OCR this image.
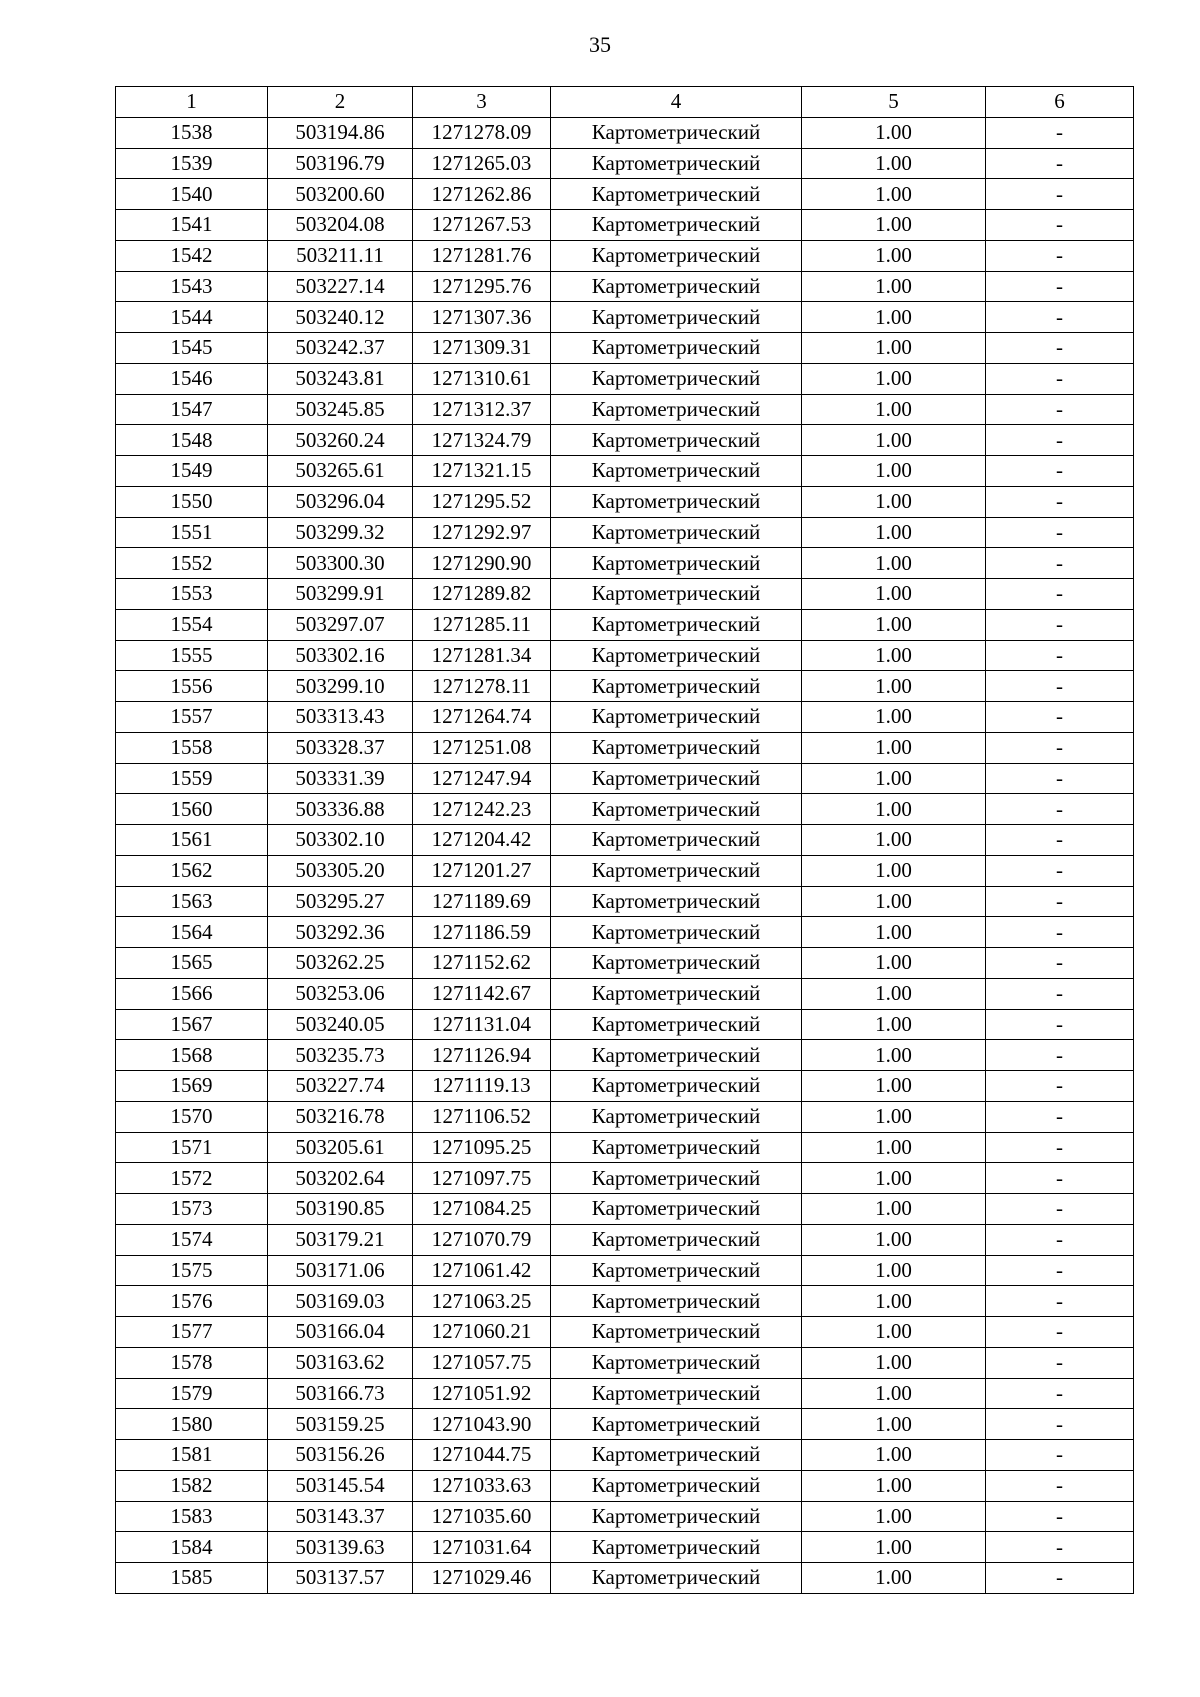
35
1	2	3	4	5	6
1538	503194.86	1271278.09	Картометрический	1.00	-
1539	503196.79	1271265.03	Картометрический	1.00	-
1540	503200.60	1271262.86	Картометрический	1.00	-
1541	503204.08	1271267.53	Картометрический	1.00	-
1542	503211.11	1271281.76	Картометрический	1.00	-
1543	503227.14	1271295.76	Картометрический	1.00	-
1544	503240.12	1271307.36	Картометрический	1.00	-
1545	503242.37	1271309.31	Картометрический	1.00	-
1546	503243.81	1271310.61	Картометрический	1.00	-
1547	503245.85	1271312.37	Картометрический	1.00	-
1548	503260.24	1271324.79	Картометрический	1.00	-
1549	503265.61	1271321.15	Картометрический	1.00	-
1550	503296.04	1271295.52	Картометрический	1.00	-
1551	503299.32	1271292.97	Картометрический	1.00	-
1552	503300.30	1271290.90	Картометрический	1.00	-
1553	503299.91	1271289.82	Картометрический	1.00	-
1554	503297.07	1271285.11	Картометрический	1.00	-
1555	503302.16	1271281.34	Картометрический	1.00	-
1556	503299.10	1271278.11	Картометрический	1.00	-
1557	503313.43	1271264.74	Картометрический	1.00	-
1558	503328.37	1271251.08	Картометрический	1.00	-
1559	503331.39	1271247.94	Картометрический	1.00	-
1560	503336.88	1271242.23	Картометрический	1.00	-
1561	503302.10	1271204.42	Картометрический	1.00	-
1562	503305.20	1271201.27	Картометрический	1.00	-
1563	503295.27	1271189.69	Картометрический	1.00	-
1564	503292.36	1271186.59	Картометрический	1.00	-
1565	503262.25	1271152.62	Картометрический	1.00	-
1566	503253.06	1271142.67	Картометрический	1.00	-
1567	503240.05	1271131.04	Картометрический	1.00	-
1568	503235.73	1271126.94	Картометрический	1.00	-
1569	503227.74	1271119.13	Картометрический	1.00	-
1570	503216.78	1271106.52	Картометрический	1.00	-
1571	503205.61	1271095.25	Картометрический	1.00	-
1572	503202.64	1271097.75	Картометрический	1.00	-
1573	503190.85	1271084.25	Картометрический	1.00	-
1574	503179.21	1271070.79	Картометрический	1.00	-
1575	503171.06	1271061.42	Картометрический	1.00	-
1576	503169.03	1271063.25	Картометрический	1.00	-
1577	503166.04	1271060.21	Картометрический	1.00	-
1578	503163.62	1271057.75	Картометрический	1.00	-
1579	503166.73	1271051.92	Картометрический	1.00	-
1580	503159.25	1271043.90	Картометрический	1.00	-
1581	503156.26	1271044.75	Картометрический	1.00	-
1582	503145.54	1271033.63	Картометрический	1.00	-
1583	503143.37	1271035.60	Картометрический	1.00	-
1584	503139.63	1271031.64	Картометрический	1.00	-
1585	503137.57	1271029.46	Картометрический	1.00	-
